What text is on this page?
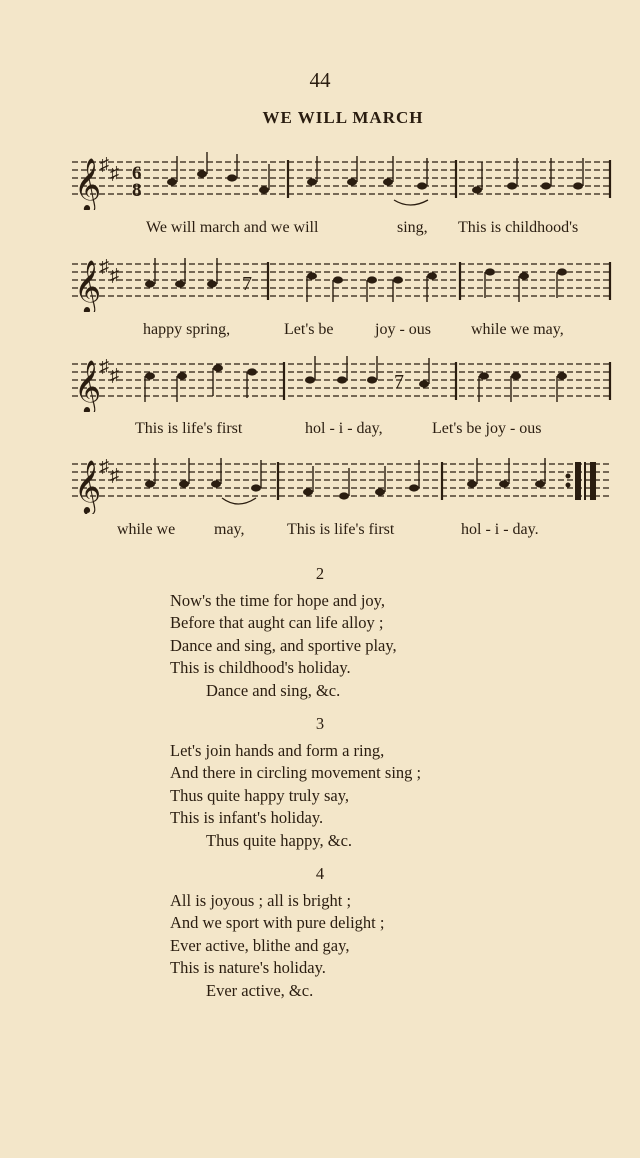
44
WE WILL MARCH
𝄞
♯ ♯ 6
8
We will march and we will	sing, This is childhood's
𝄞
♯ ♯	7
happy spring,	Let's be	joy - ous	while we may,
𝄞
♯ ♯	7
This is life's first	hol - i - day,	Let's be joy - ous
𝄞
♯ ♯
while we may,	This is life's first	hol - i - day.
2
Now's the time for hope and joy,
Before that aught can life alloy ;
Dance and sing, and sportive play,
This is childhood's holiday.
Dance and sing, &c.
3
Let's join hands and form a ring,
And there in circling movement sing ;
Thus quite happy truly say,
This is infant's holiday.
Thus quite happy, &c.
4
All is joyous ; all is bright ;
And we sport with pure delight ;
Ever active, blithe and gay,
This is nature's holiday.
Ever active, &c.
